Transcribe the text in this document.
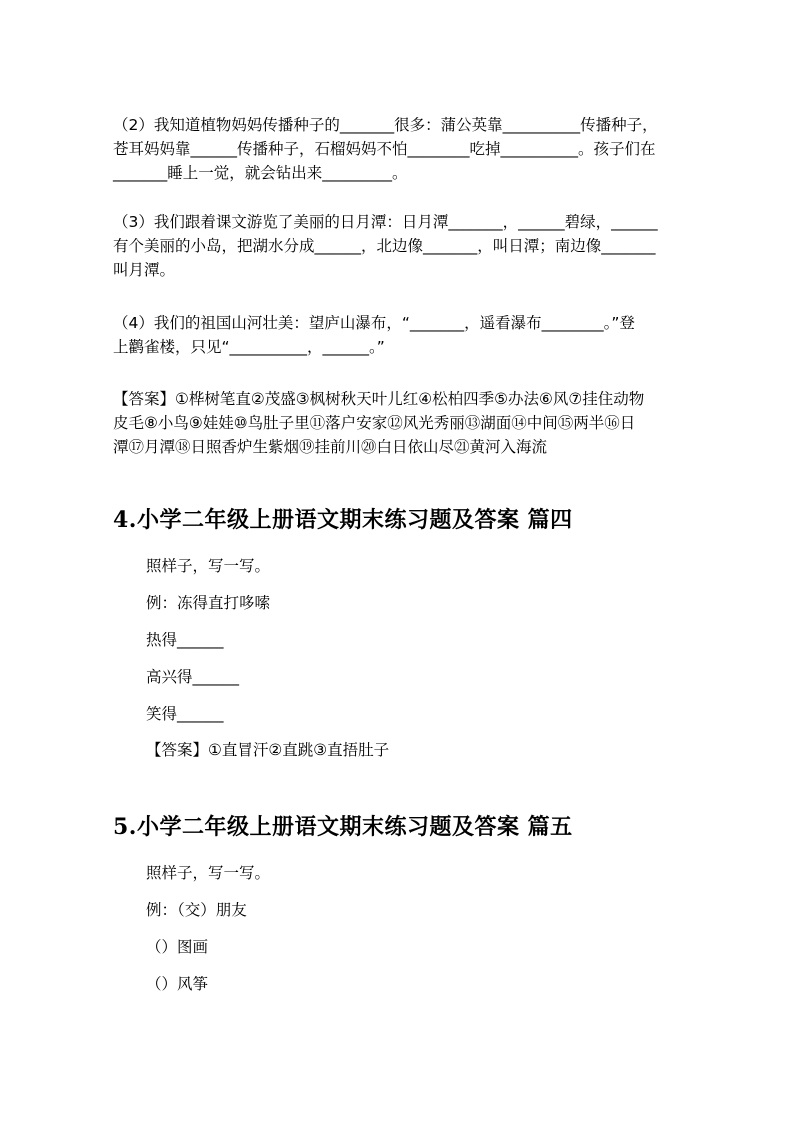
（2）我知道植物妈妈传播种子的_______很多：蒲公英靠__________传播种子，
苍耳妈妈靠______传播种子，石榴妈妈不怕________吃掉__________。孩子们在
_______睡上一觉，就会钻出来_________。

（3）我们跟着课文游览了美丽的日月潭：日月潭_______，______碧绿，______
有个美丽的小岛，把湖水分成______，北边像_______，叫日潭；南边像_______
叫月潭。

（4）我们的祖国山河壮美：望庐山瀑布，“_______，遥看瀑布________。”登
上鹳雀楼，只见“__________，______。”

【答案】①桦树笔直②茂盛③枫树秋天叶儿红④松柏四季⑤办法⑥风⑦挂住动物
皮毛⑧小鸟⑨娃娃⑩鸟肚子里⑪落户安家⑫风光秀丽⑬湖面⑭中间⑮两半⑯日
潭⑰月潭⑱日照香炉生紫烟⑲挂前川⑳白日依山尽㉑黄河入海流

4.小学二年级上册语文期末练习题及答案 篇四

照样子，写一写。

例：冻得直打哆嗦

热得______

高兴得______

笑得______

【答案】①直冒汗②直跳③直捂肚子

5.小学二年级上册语文期末练习题及答案 篇五

照样子，写一写。

例：（交）朋友

（）图画

（）风筝
